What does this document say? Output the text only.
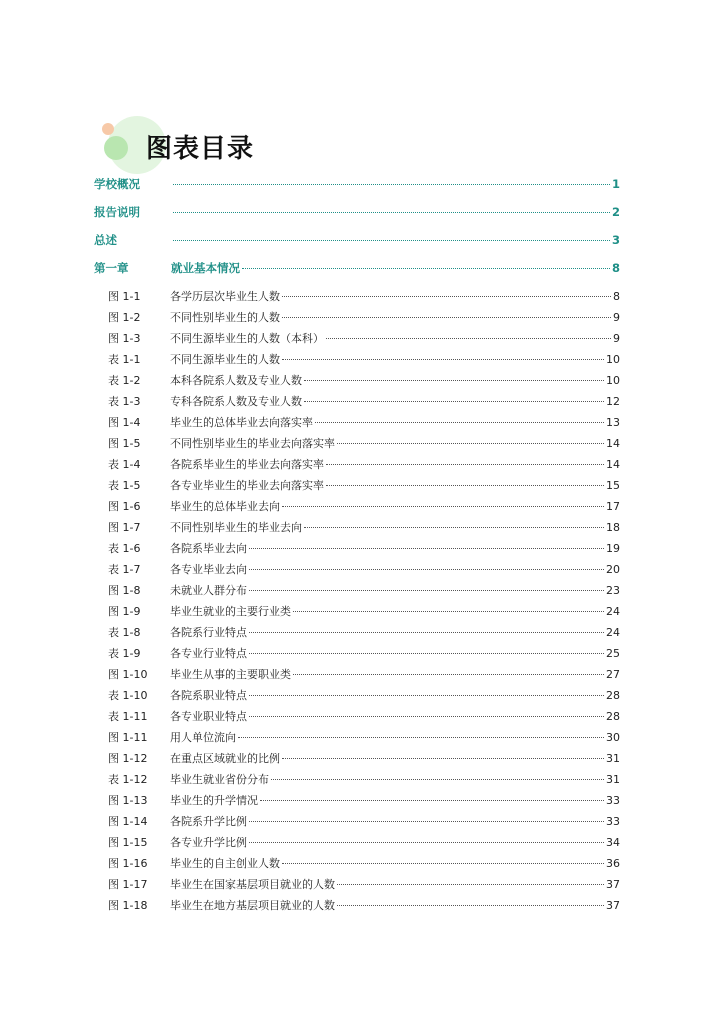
图表目录
学校概况	1
报告说明	2
总述	3
第一章	就业基本情况	8
图 1-1	各学历层次毕业生人数	8
图 1-2	不同性别毕业生的人数	9
图 1-3	不同生源毕业生的人数（本科）	9
表 1-1	不同生源毕业生的人数	10
表 1-2	本科各院系人数及专业人数	10
表 1-3	专科各院系人数及专业人数	12
图 1-4	毕业生的总体毕业去向落实率	13
图 1-5	不同性别毕业生的毕业去向落实率	14
表 1-4	各院系毕业生的毕业去向落实率	14
表 1-5	各专业毕业生的毕业去向落实率	15
图 1-6	毕业生的总体毕业去向	17
图 1-7	不同性别毕业生的毕业去向	18
表 1-6	各院系毕业去向	19
表 1-7	各专业毕业去向	20
图 1-8	未就业人群分布	23
图 1-9	毕业生就业的主要行业类	24
表 1-8	各院系行业特点	24
表 1-9	各专业行业特点	25
图 1-10	毕业生从事的主要职业类	27
表 1-10	各院系职业特点	28
表 1-11	各专业职业特点	28
图 1-11	用人单位流向	30
图 1-12	在重点区域就业的比例	31
表 1-12	毕业生就业省份分布	31
图 1-13	毕业生的升学情况	33
图 1-14	各院系升学比例	33
图 1-15	各专业升学比例	34
图 1-16	毕业生的自主创业人数	36
图 1-17	毕业生在国家基层项目就业的人数	37
图 1-18	毕业生在地方基层项目就业的人数	37
